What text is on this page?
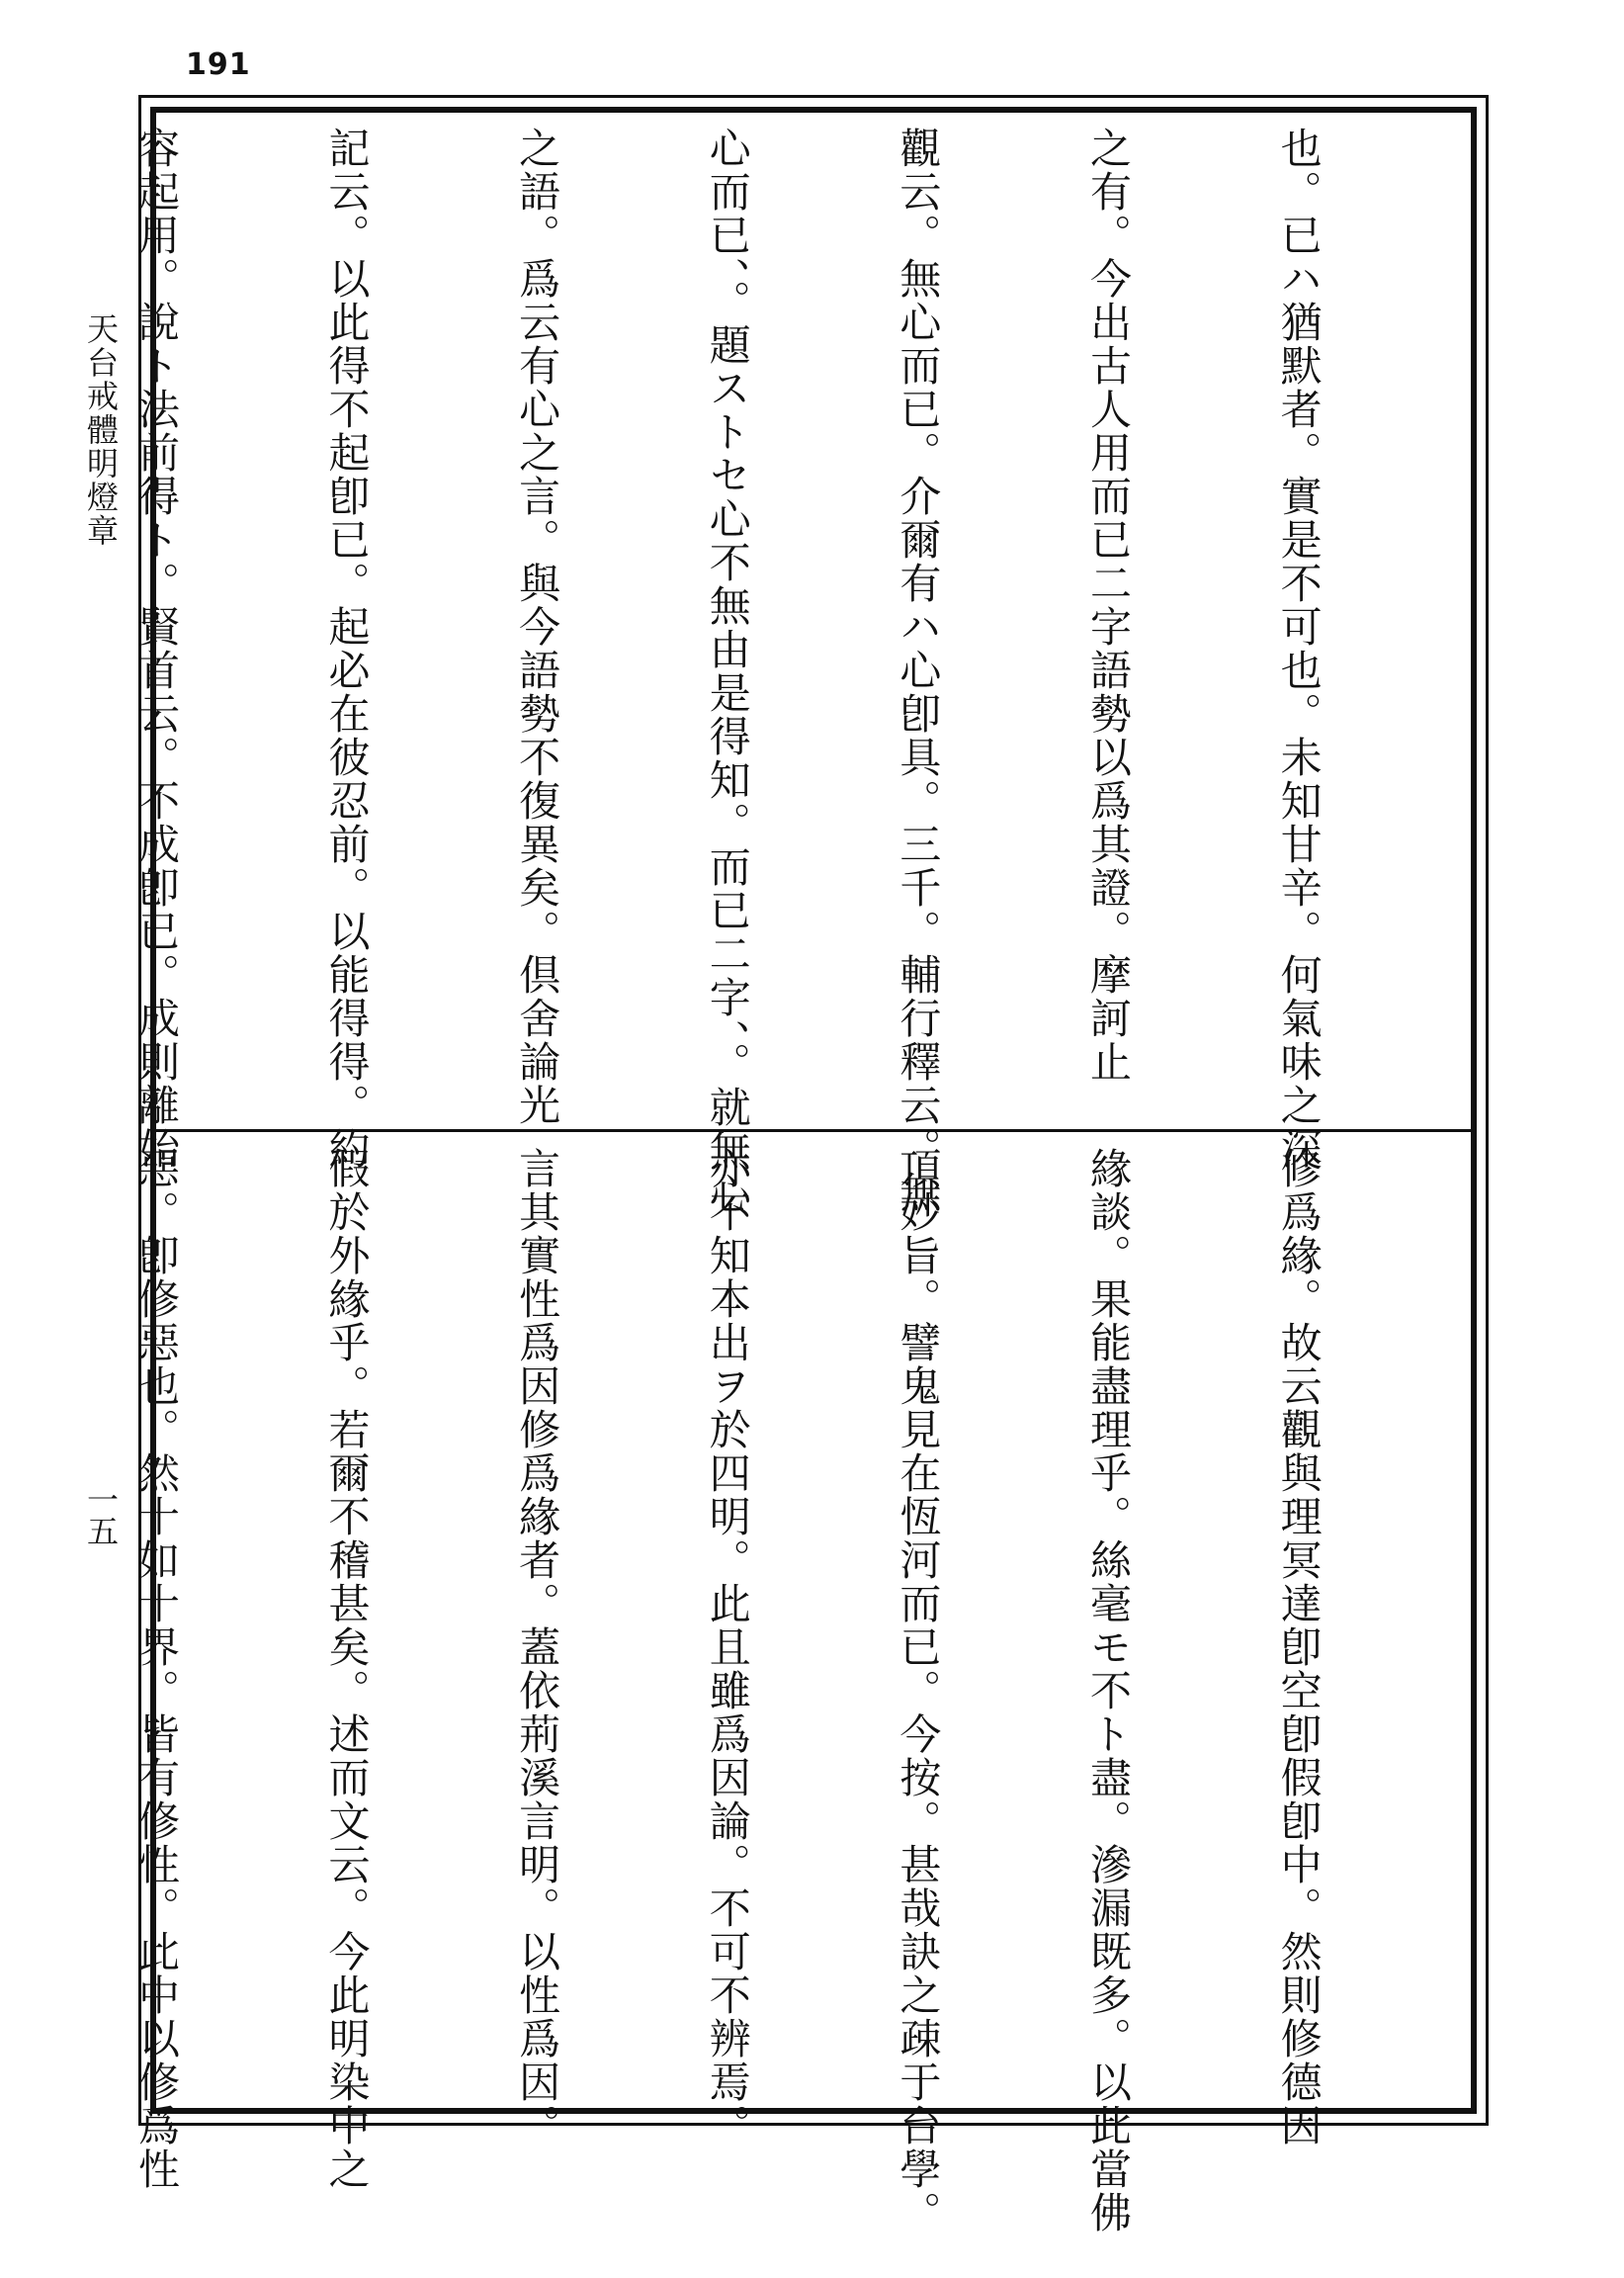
191
天台戒體明燈章
一五

也。已ハ猶默者。實是不可也。未知甘辛。何氣味之深

之有。今出古人用而已二字語勢以爲其證。摩訶止

觀云。無心而已。介爾有ハ心卽具。三千。輔行釋云。無

心而已、。題ストセ心不無由是得知。而已二字、。就無心

之語。爲云有心之言。與今語勢不復異矣。倶舍論光

記云。以此得不起卽已。起必在彼忍前。以能得得。約

容起用。說ト法前得ト。賢首云。不成卽已。成則離始

修爲緣。故云觀與理冥達卽空卽假卽中。然則修德因

緣談。果能盡理乎。絲毫モ不ト盡。滲漏既多。以此當佛

頂妙旨。譬鬼見在恆河而已。今按。甚哉訣之疎于台學。

亦不知本出ヲ於四明。此且雖爲因論。不可不辨焉。

言其實性爲因修爲緣者。蓋依荊溪言明。以性爲因。

假於外緣乎。若爾不稽甚矣。述而文云。今此明染中之

惡。卽修惡也。然十如十界。皆有修性。此中以修爲性
